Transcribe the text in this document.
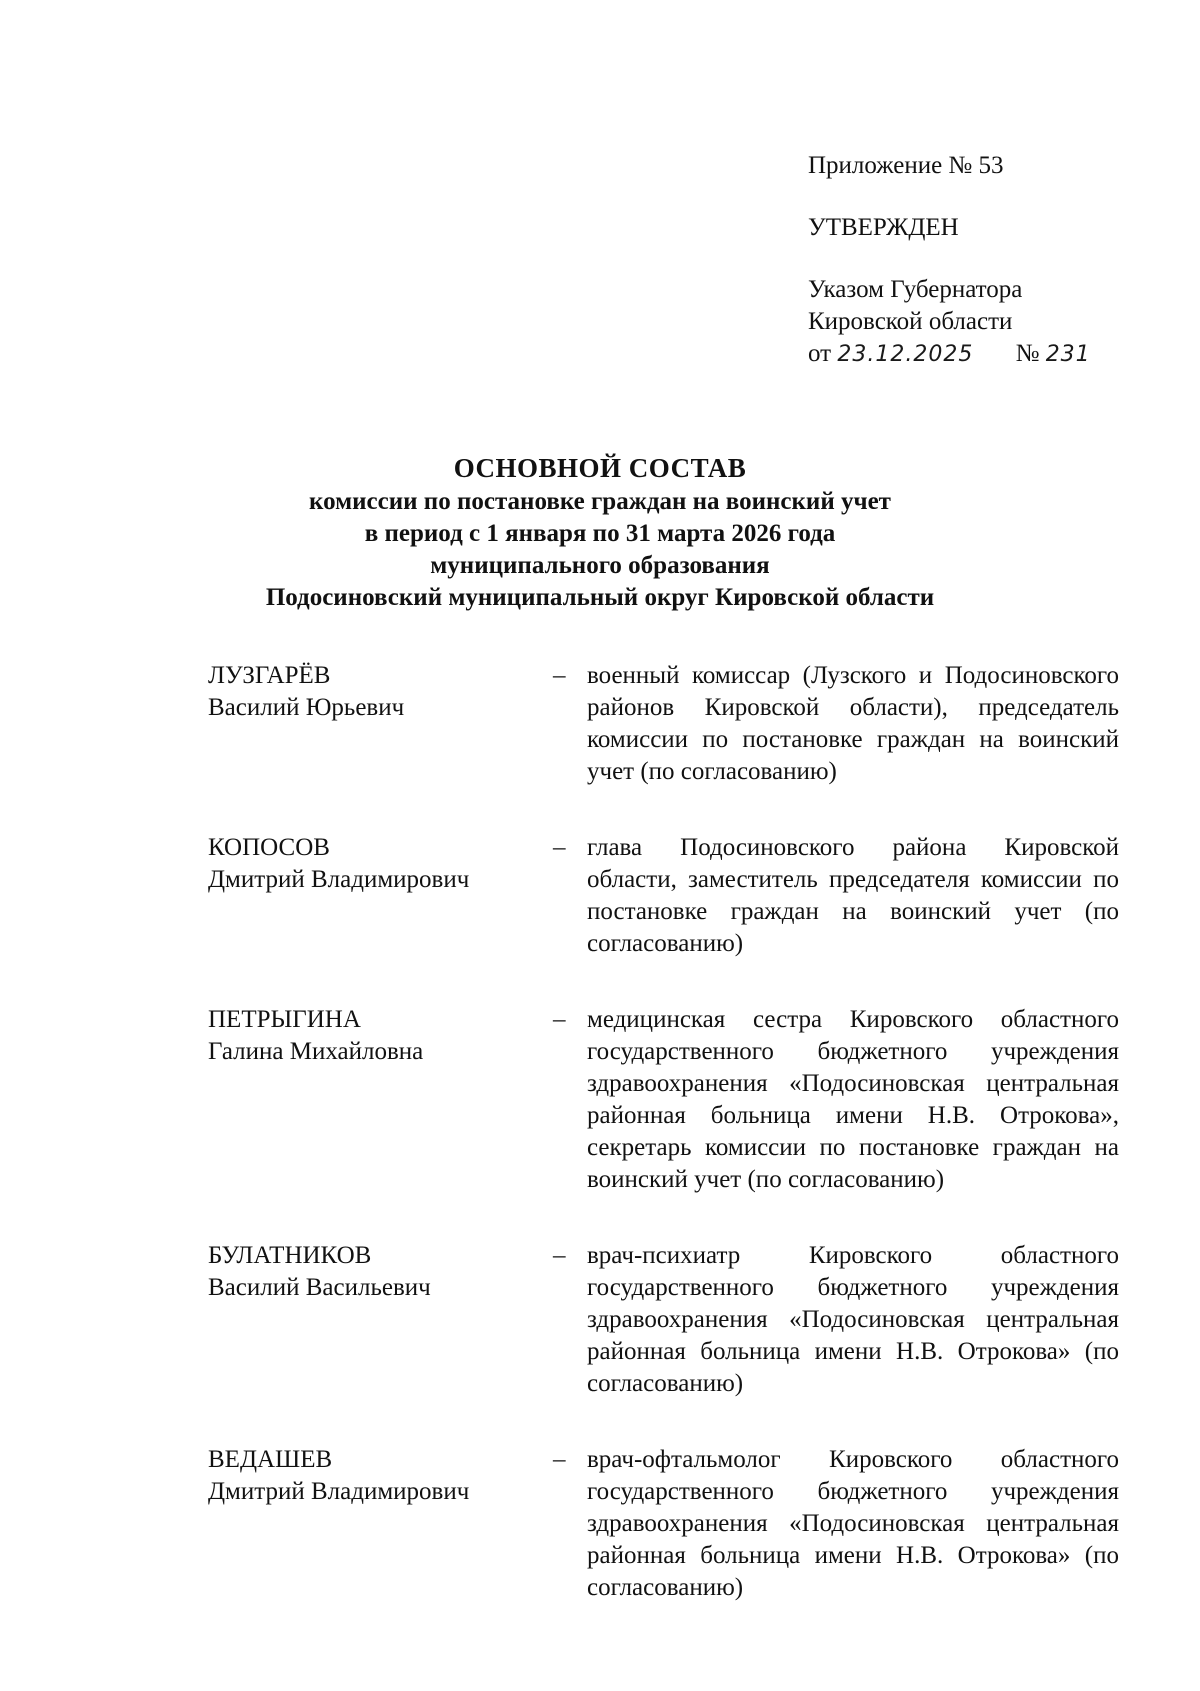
Приложение № 53
УТВЕРЖДЕН
Указом Губернатора
Кировской области
от 23.12.2025 № 231
ОСНОВНОЙ СОСТАВ
комиссии по постановке граждан на воинский учет
в период с 1 января по 31 марта 2026 года
муниципального образования
Подосиновский муниципальный округ Кировской области
ЛУЗГАРЁВ
Василий Юрьевич
– военный комиссар (Лузского и Подосиновского районов Кировской области), председатель комиссии по постановке граждан на воинский учет (по согласованию)
КОПОСОВ
Дмитрий Владимирович
– глава Подосиновского района Кировской области, заместитель председателя комиссии по постановке граждан на воинский учет (по согласованию)
ПЕТРЫГИНА
Галина Михайловна
– медицинская сестра Кировского областного государственного бюджетного учреждения здравоохранения «Подосиновская центральная районная больница имени Н.В. Отрокова», секретарь комиссии по постановке граждан на воинский учет (по согласованию)
БУЛАТНИКОВ
Василий Васильевич
– врач-психиатр Кировского областного государственного бюджетного учреждения здравоохранения «Подосиновская центральная районная больница имени Н.В. Отрокова» (по согласованию)
ВЕДАШЕВ
Дмитрий Владимирович
– врач-офтальмолог Кировского областного государственного бюджетного учреждения здравоохранения «Подосиновская центральная районная больница имени Н.В. Отрокова» (по согласованию)
